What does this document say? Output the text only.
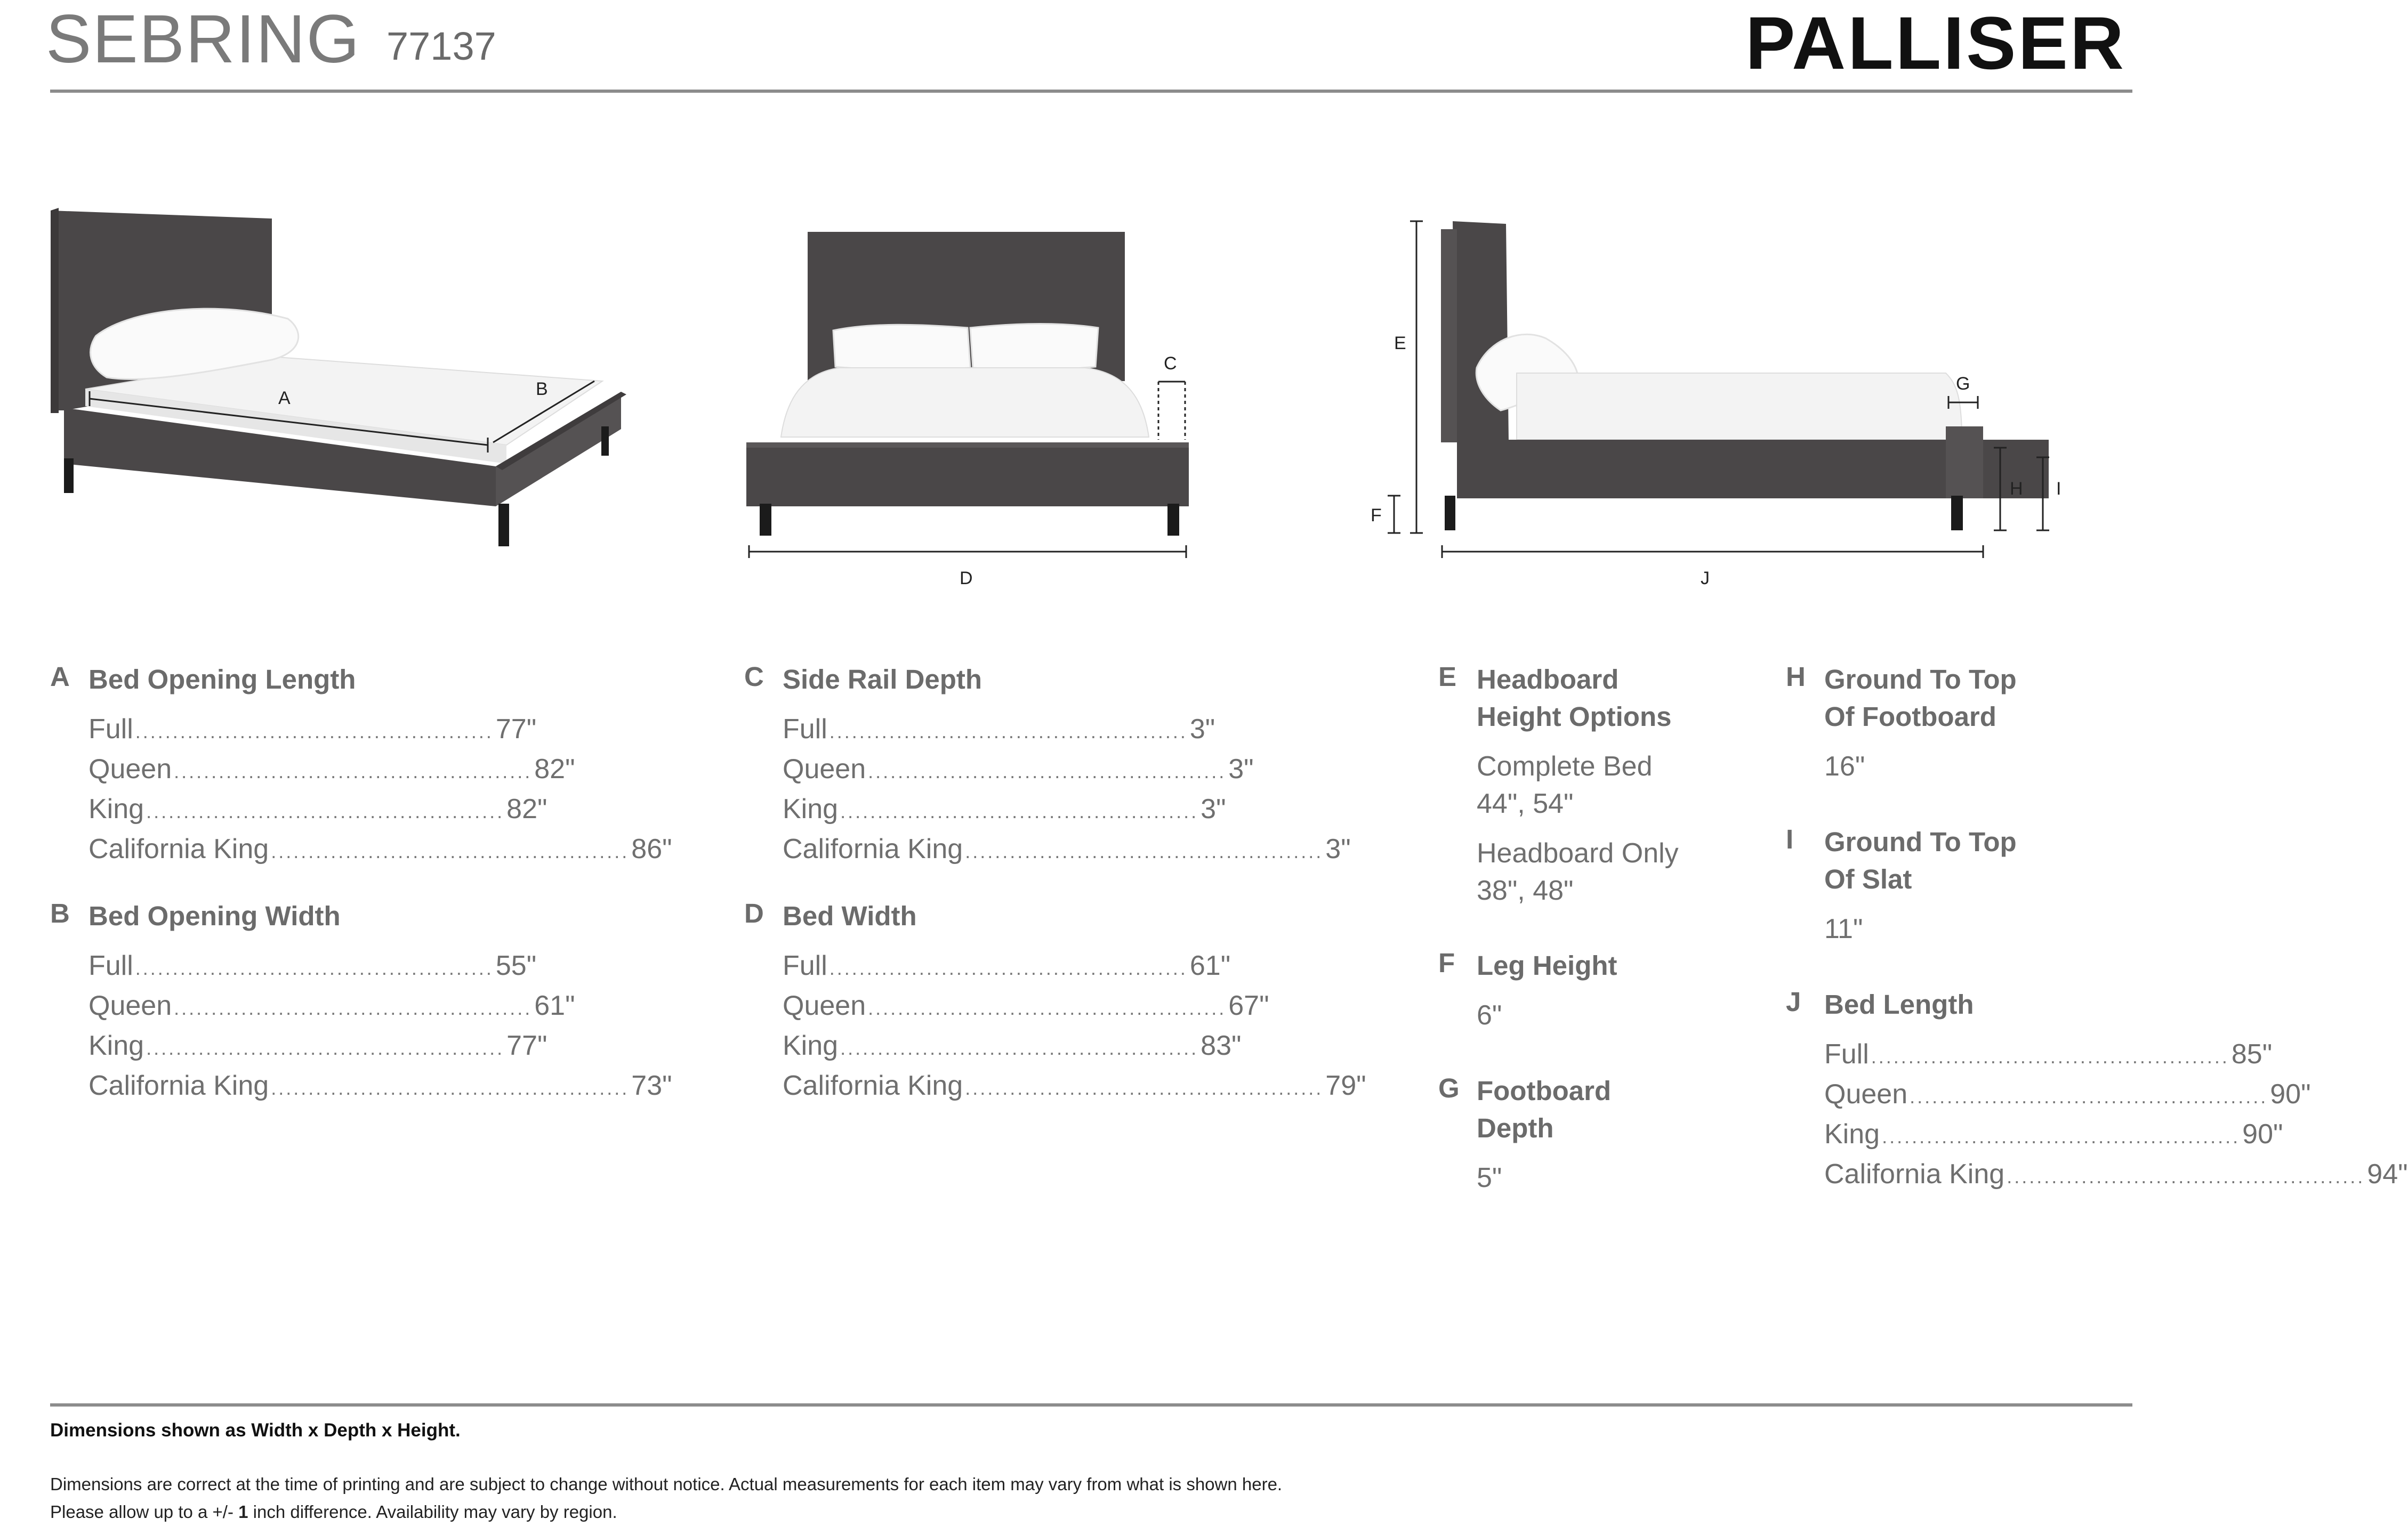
SEBRING 77137	PALLISER
A	B
C
D
E
F
G
H I
J
A Bed Opening Length
Full ................................................ 77"
Queen ................................................ 82"
King ................................................ 82"
California King ................................................ 86"
B Bed Opening Width
Full ................................................ 55"
Queen ................................................ 61"
King ................................................ 77"
California King ................................................ 73"
C Side Rail Depth
Full ................................................ 3"
Queen ................................................ 3"
King ................................................ 3"
California King ................................................ 3"
D Bed Width
Full ................................................ 61"
Queen ................................................ 67"
King ................................................ 83"
California King ................................................ 79"
E Headboard
Height Options
Complete Bed
44", 54"
Headboard Only
38", 48"
F Leg Height
6"
G Footboard
Depth
5"
H Ground To Top
Of Footboard
16"
I Ground To Top
Of Slat
11"
J Bed Length
Full ................................................ 85"
Queen ................................................ 90"
King ................................................ 90"
California King ................................................ 94"
Dimensions shown as Width x Depth x Height.
Dimensions are correct at the time of printing and are subject to change without notice. Actual measurements for each item may vary from what is shown here.
Please allow up to a +/- 1 inch difference. Availability may vary by region.
